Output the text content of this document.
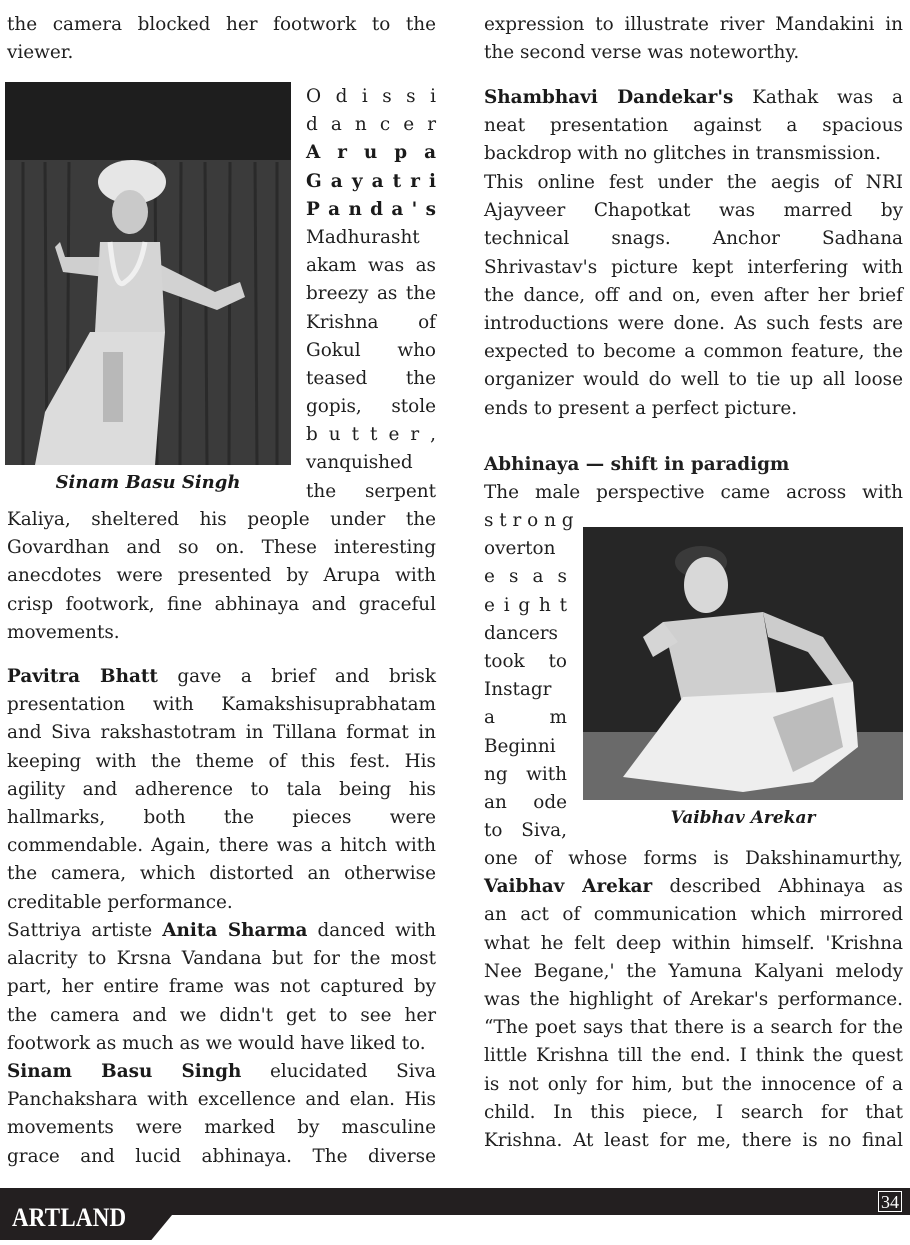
the camera blocked her footwork to the
viewer.
Sinam Basu Singh
O d i s s i
d a n c e r
A r u p a
G a y a t r i
P a n d a ' s
Madhurasht
akam was as
breezy as the
Krishna of
Gokul who
teased the
gopis, stole
b u t t e r ,
vanquished
the serpent
Kaliya, sheltered his people under the
Govardhan and so on. These interesting
anecdotes were presented by Arupa with
crisp footwork, fine abhinaya and graceful
movements.
Pavitra Bhatt gave a brief and brisk
presentation with Kamakshisuprabhatam
and Siva rakshastotram in Tillana format in
keeping with the theme of this fest. His
agility and adherence to tala being his
hallmarks, both the pieces were
commendable. Again, there was a hitch with
the camera, which distorted an otherwise
creditable performance.
Sattriya artiste Anita Sharma danced with
alacrity to Krsna Vandana but for the most
part, her entire frame was not captured by
the camera and we didn't get to see her
footwork as much as we would have liked to.
Sinam Basu Singh elucidated Siva
Panchakshara with excellence and elan. His
movements were marked by masculine
grace and lucid abhinaya. The diverse
expression to illustrate river Mandakini in
the second verse was noteworthy.
Shambhavi Dandekar's Kathak was a
neat presentation against a spacious
backdrop with no glitches in transmission.
This online fest under the aegis of NRI
Ajayveer Chapotkat was marred by
technical snags. Anchor Sadhana
Shrivastav's picture kept interfering with
the dance, off and on, even after her brief
introductions were done. As such fests are
expected to become a common feature, the
organizer would do well to tie up all loose
ends to present a perfect picture.
Abhinaya — shift in paradigm
The male perspective came across with
s t r o n g
overton
e s a s
e i g h t
dancers
took to
Instagr
a m
Beginni
ng with
an ode
to Siva,
Vaibhav Arekar
one of whose forms is Dakshinamurthy,
Vaibhav Arekar described Abhinaya as
an act of communication which mirrored
what he felt deep within himself. 'Krishna
Nee Begane,' the Yamuna Kalyani melody
was the highlight of Arekar's performance.
“The poet says that there is a search for the
little Krishna till the end. I think the quest
is not only for him, but the innocence of a
child. In this piece, I search for that
Krishna. At least for me, there is no final
ARTLAND
34
